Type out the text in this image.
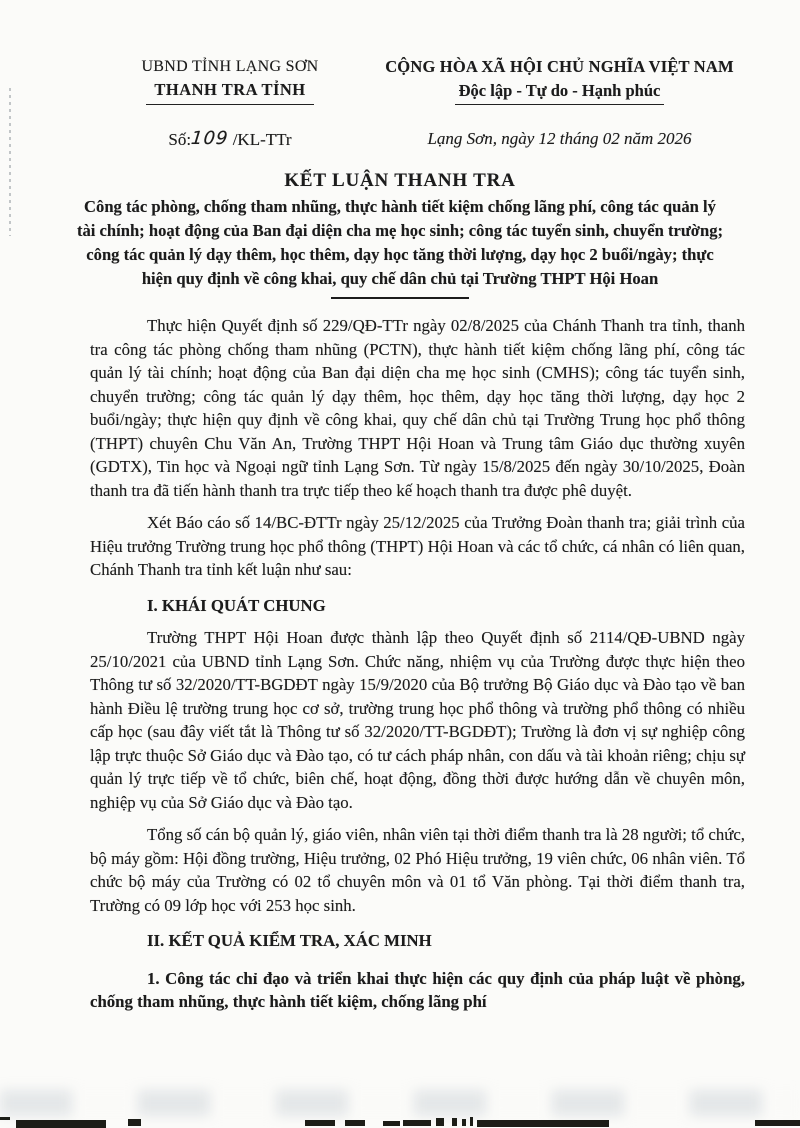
UBND TỈNH LẠNG SƠN
THANH TRA TỈNH
CỘNG HÒA XÃ HỘI CHỦ NGHĨA VIỆT NAM
Độc lập - Tự do - Hạnh phúc
Số:109 /KL-TTr	Lạng Sơn, ngày 12 tháng 02 năm 2026
KẾT LUẬN THANH TRA
Công tác phòng, chống tham nhũng, thực hành tiết kiệm chống lãng phí, công tác quản lý tài chính; hoạt động của Ban đại diện cha mẹ học sinh; công tác tuyển sinh, chuyển trường; công tác quản lý dạy thêm, học thêm, dạy học tăng thời lượng, dạy học 2 buổi/ngày; thực hiện quy định về công khai, quy chế dân chủ tại Trường THPT Hội Hoan

Thực hiện Quyết định số 229/QĐ-TTr ngày 02/8/2025 của Chánh Thanh tra tỉnh, thanh tra công tác phòng chống tham nhũng (PCTN), thực hành tiết kiệm chống lãng phí, công tác quản lý tài chính; hoạt động của Ban đại diện cha mẹ học sinh (CMHS); công tác tuyển sinh, chuyển trường; công tác quản lý dạy thêm, học thêm, dạy học tăng thời lượng, dạy học 2 buổi/ngày; thực hiện quy định về công khai, quy chế dân chủ tại Trường Trung học phổ thông (THPT) chuyên Chu Văn An, Trường THPT Hội Hoan và Trung tâm Giáo dục thường xuyên (GDTX), Tin học và Ngoại ngữ tỉnh Lạng Sơn. Từ ngày 15/8/2025 đến ngày 30/10/2025, Đoàn thanh tra đã tiến hành thanh tra trực tiếp theo kế hoạch thanh tra được phê duyệt.

Xét Báo cáo số 14/BC-ĐTTr ngày 25/12/2025 của Trưởng Đoàn thanh tra; giải trình của Hiệu trưởng Trường trung học phổ thông (THPT) Hội Hoan và các tổ chức, cá nhân có liên quan, Chánh Thanh tra tỉnh kết luận như sau:

I. KHÁI QUÁT CHUNG

Trường THPT Hội Hoan được thành lập theo Quyết định số 2114/QĐ-UBND ngày 25/10/2021 của UBND tỉnh Lạng Sơn. Chức năng, nhiệm vụ của Trường được thực hiện theo Thông tư số 32/2020/TT-BGDĐT ngày 15/9/2020 của Bộ trưởng Bộ Giáo dục và Đào tạo về ban hành Điều lệ trường trung học cơ sở, trường trung học phổ thông và trường phổ thông có nhiều cấp học (sau đây viết tắt là Thông tư số 32/2020/TT-BGDĐT); Trường là đơn vị sự nghiệp công lập trực thuộc Sở Giáo dục và Đào tạo, có tư cách pháp nhân, con dấu và tài khoản riêng; chịu sự quản lý trực tiếp về tổ chức, biên chế, hoạt động, đồng thời được hướng dẫn về chuyên môn, nghiệp vụ của Sở Giáo dục và Đào tạo.

Tổng số cán bộ quản lý, giáo viên, nhân viên tại thời điểm thanh tra là 28 người; tổ chức, bộ máy gồm: Hội đồng trường, Hiệu trưởng, 02 Phó Hiệu trưởng, 19 viên chức, 06 nhân viên. Tổ chức bộ máy của Trường có 02 tổ chuyên môn và 01 tổ Văn phòng. Tại thời điểm thanh tra, Trường có 09 lớp học với 253 học sinh.

II. KẾT QUẢ KIỂM TRA, XÁC MINH

1. Công tác chỉ đạo và triển khai thực hiện các quy định của pháp luật về phòng, chống tham nhũng, thực hành tiết kiệm, chống lãng phí
